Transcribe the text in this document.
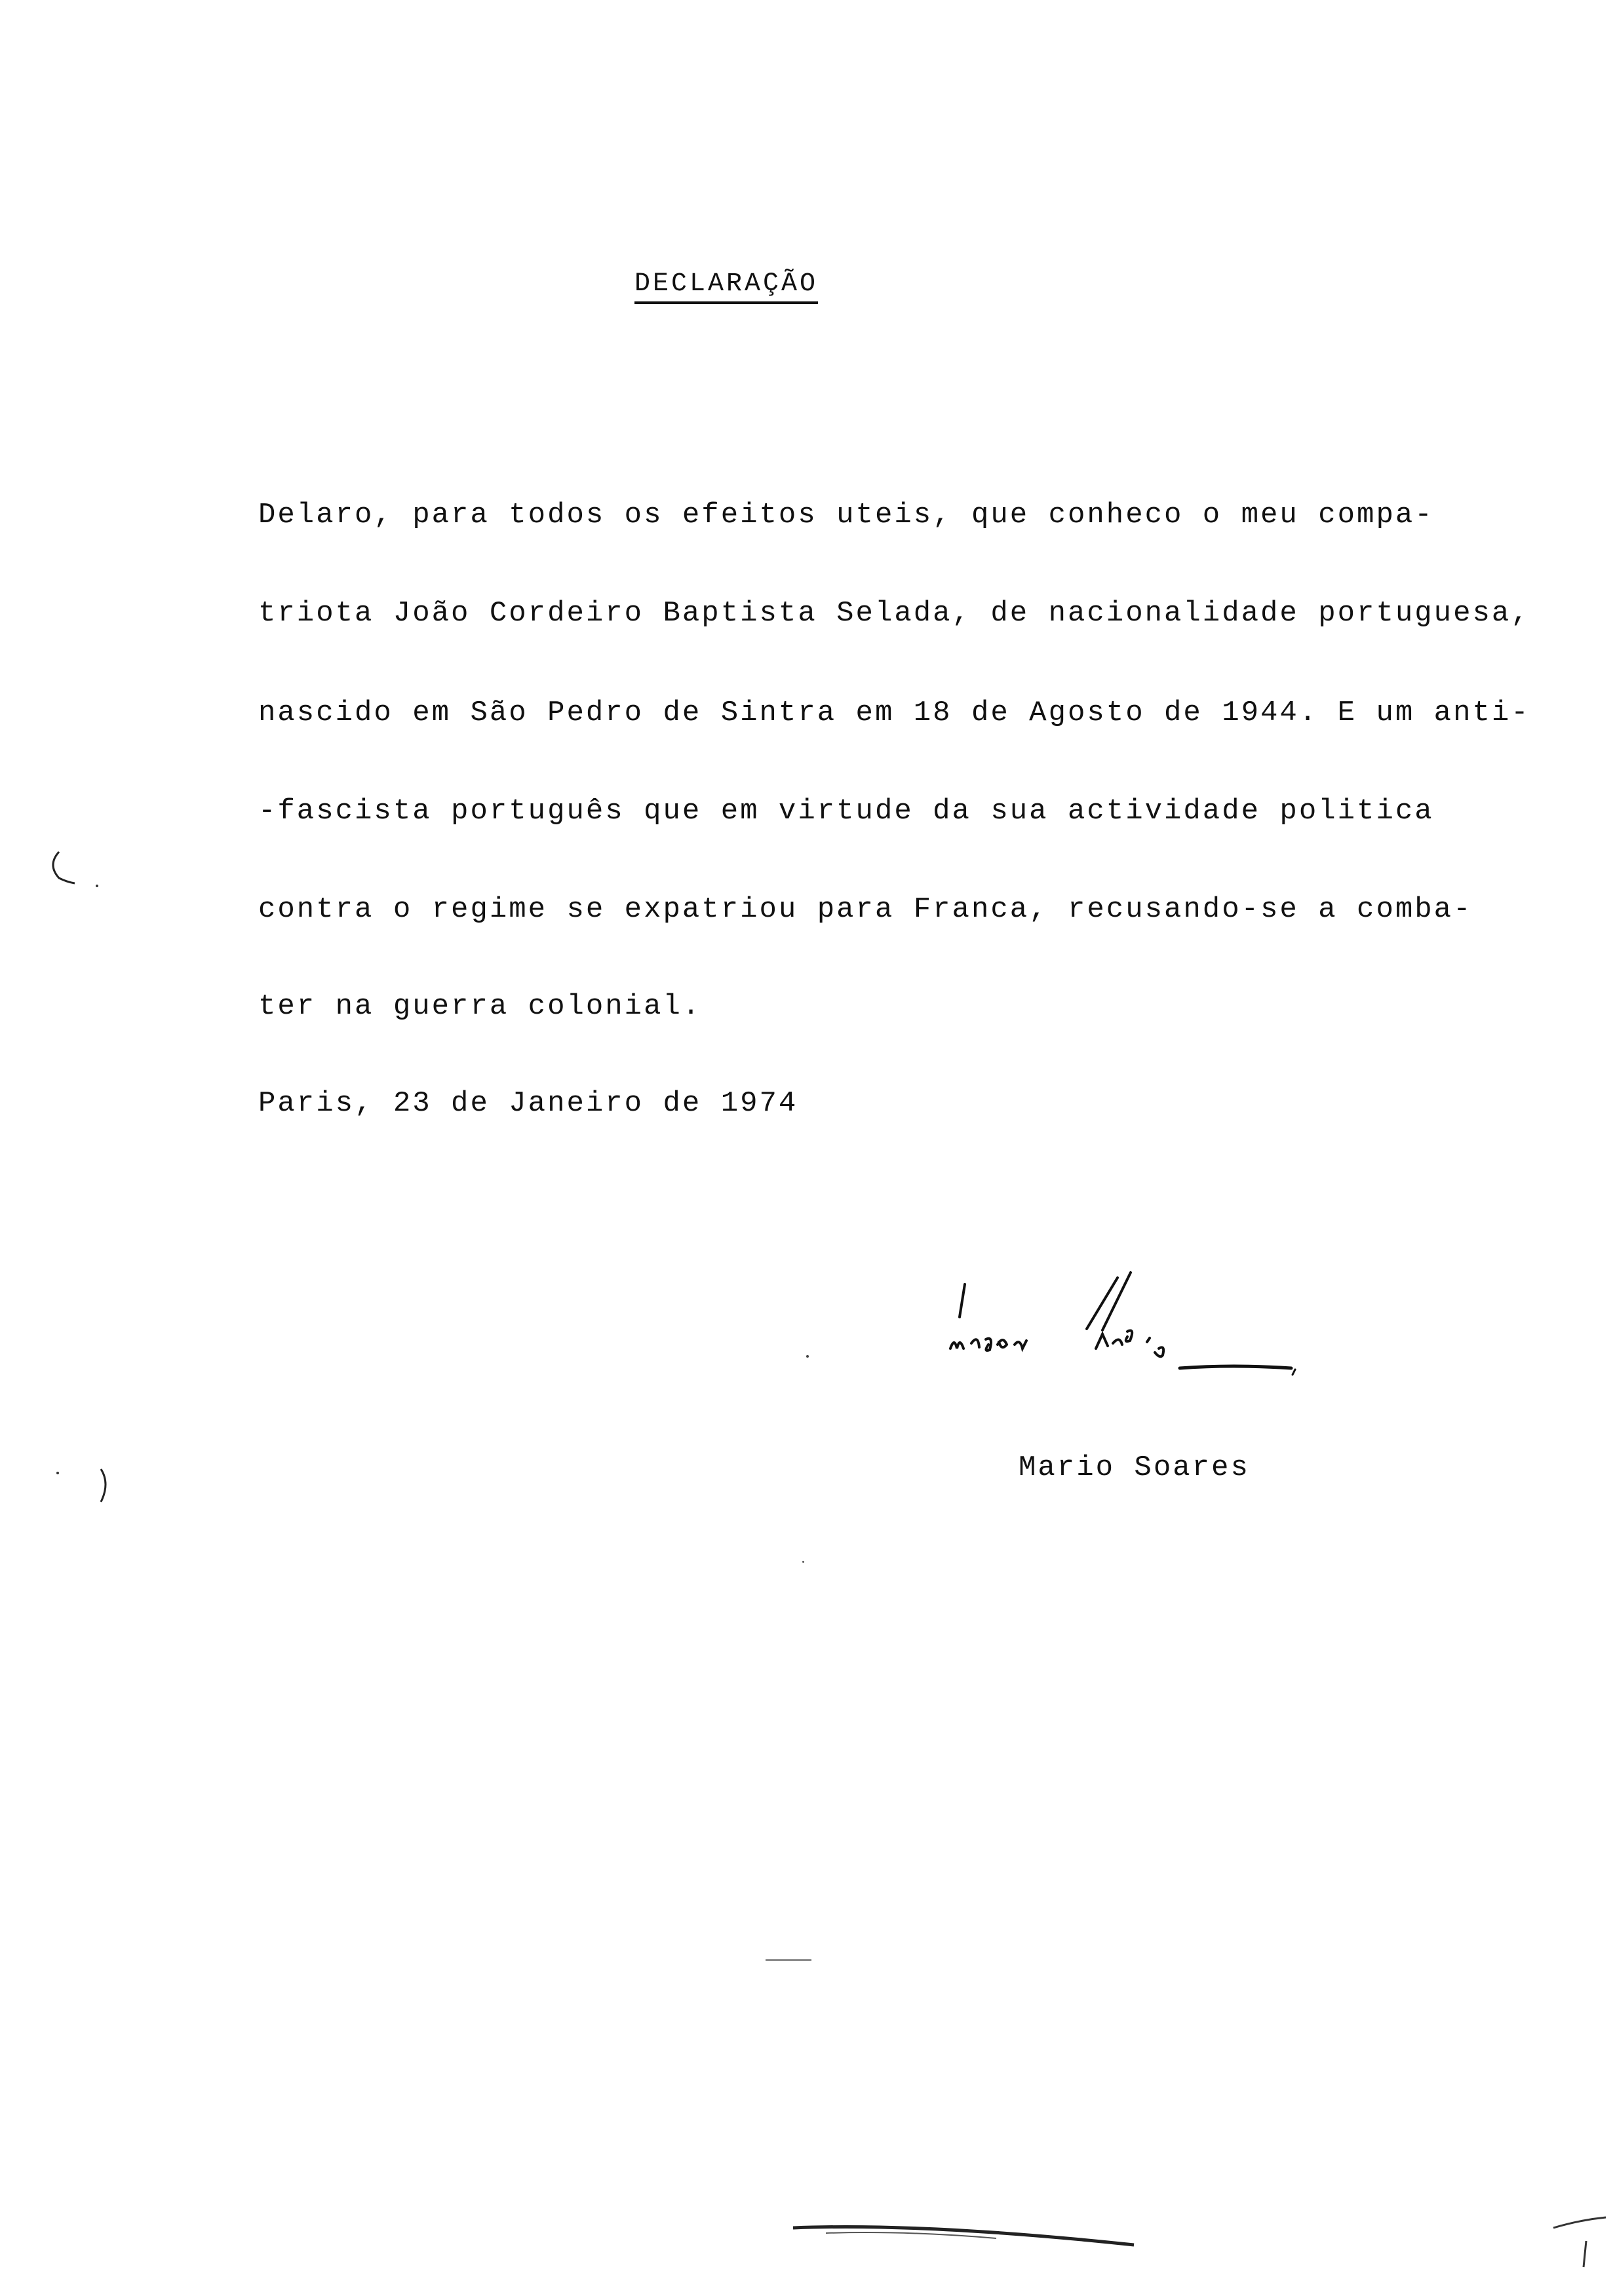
DECLARAÇÃO
Delaro, para todos os efeitos uteis, que conheco o meu compa-
triota João Cordeiro Baptista Selada, de nacionalidade portuguesa,
nascido em São Pedro de Sintra em 18 de Agosto de 1944. E um anti-
-fascista português que em virtude da sua actividade politica
contra o regime se expatriou para Franca, recusando-se a comba-
ter na guerra colonial.
Paris, 23 de Janeiro de 1974
Mario Soares
